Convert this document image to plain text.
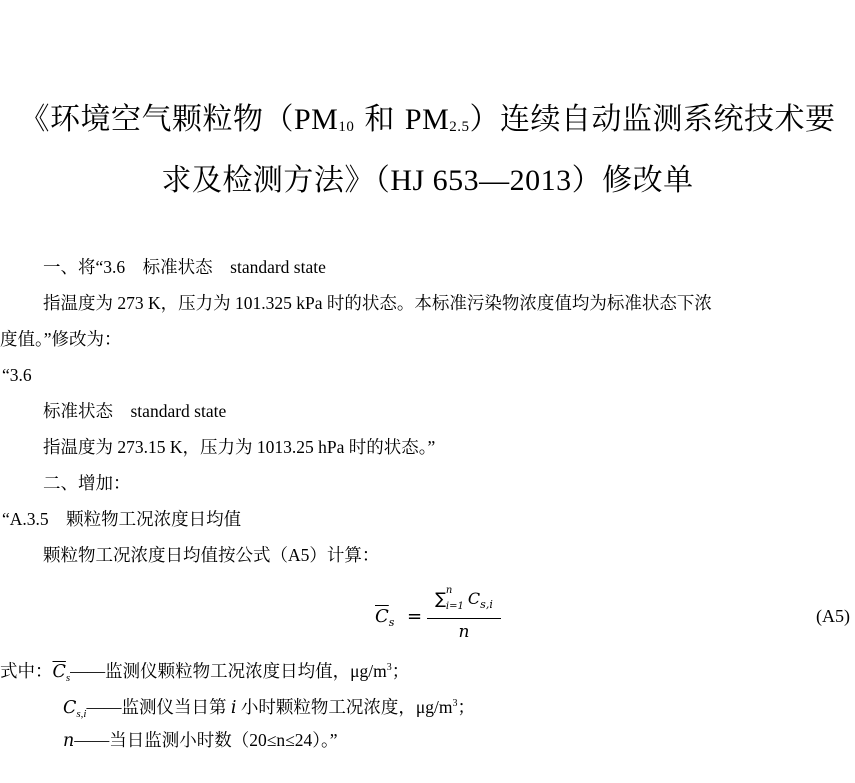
《环境空气颗粒物（$PM_{10}$ 和 $PM_{2.5}$）连续自动监测系统技术要
求及检测方法》（HJ 653—2013）修改单
一、将“3.6　标准状态　standard state
指温度为 273 K，压力为 101.325 kPa 时的状态。本标准污染物浓度值均为标准状态下浓
度值。”修改为：
“3.6
标准状态　standard state
指温度为 273.15 K，压力为 1013.25 hPa 时的状态。”
二、增加：
“A.3.5　颗粒物工况浓度日均值
颗粒物工况浓度日均值按公式（A5）计算：
$\overline{C}_s$ =
∑ n
i=1 $C_{s,i}$
n
(A5)
式中：$\overline{C}_s——$监测仪颗粒物工况浓度日均值，$\mu g/m^3$；
$C_{s,i}——$监测仪当日第 i 小时颗粒物工况浓度，$\mu g/m^3$；
n——当日监测小时数（20≤n≤24）。”
